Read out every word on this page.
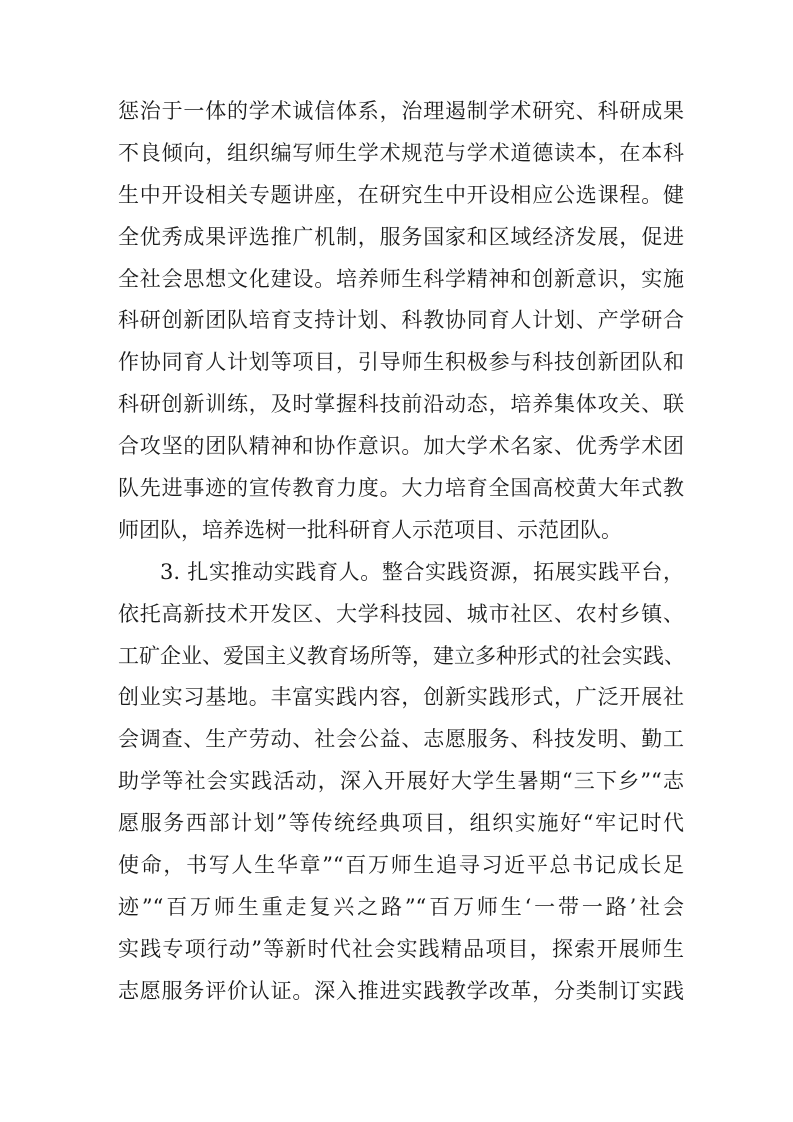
惩治于一体的学术诚信体系，治理遏制学术研究、科研成果
不良倾向，组织编写师生学术规范与学术道德读本，在本科
生中开设相关专题讲座，在研究生中开设相应公选课程。健
全优秀成果评选推广机制，服务国家和区域经济发展，促进
全社会思想文化建设。培养师生科学精神和创新意识，实施
科研创新团队培育支持计划、科教协同育人计划、产学研合
作协同育人计划等项目，引导师生积极参与科技创新团队和
科研创新训练，及时掌握科技前沿动态，培养集体攻关、联
合攻坚的团队精神和协作意识。加大学术名家、优秀学术团
队先进事迹的宣传教育力度。大力培育全国高校黄大年式教
师团队，培养选树一批科研育人示范项目、示范团队。
3. 扎实推动实践育人。整合实践资源，拓展实践平台，
依托高新技术开发区、大学科技园、城市社区、农村乡镇、
工矿企业、爱国主义教育场所等，建立多种形式的社会实践、
创业实习基地。丰富实践内容，创新实践形式，广泛开展社
会调查、生产劳动、社会公益、志愿服务、科技发明、勤工
助学等社会实践活动，深入开展好大学生暑期“三下乡”“志
愿服务西部计划”等传统经典项目，组织实施好“牢记时代
使命，书写人生华章”“百万师生追寻习近平总书记成长足
迹”“百万师生重走复兴之路”“百万师生‘一带一路’社会
实践专项行动”等新时代社会实践精品项目，探索开展师生
志愿服务评价认证。深入推进实践教学改革，分类制订实践
